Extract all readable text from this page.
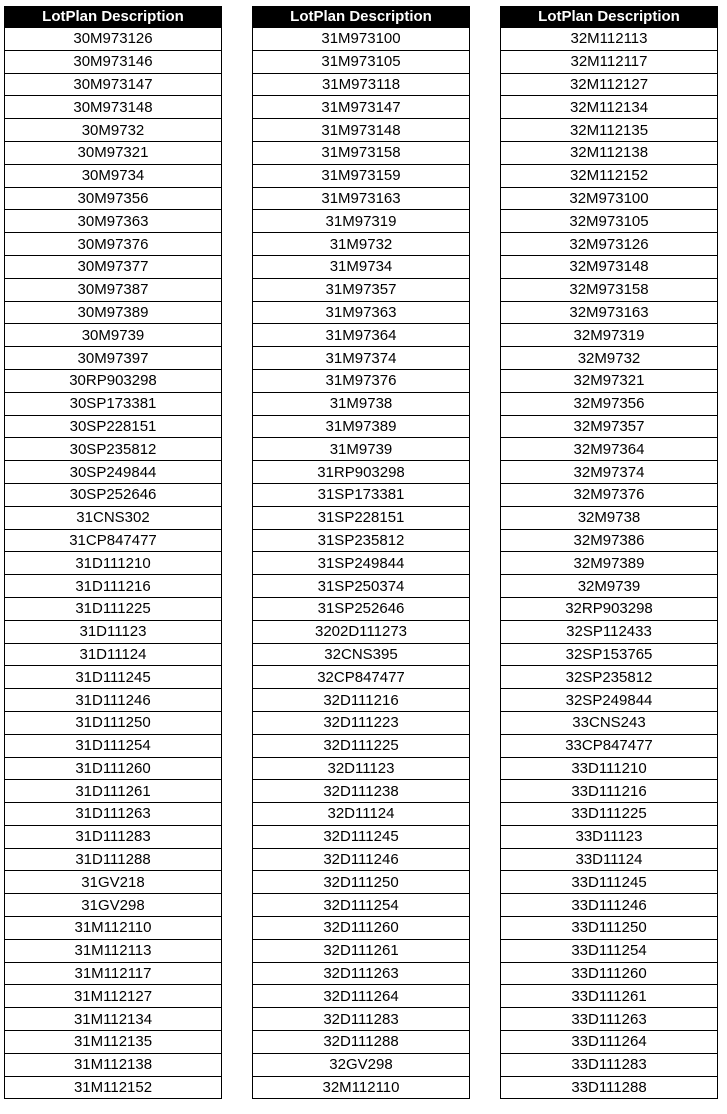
LotPlan Description
30M973126
30M973146
30M973147
30M973148
30M9732
30M97321
30M9734
30M97356
30M97363
30M97376
30M97377
30M97387
30M97389
30M9739
30M97397
30RP903298
30SP173381
30SP228151
30SP235812
30SP249844
30SP252646
31CNS302
31CP847477
31D111210
31D111216
31D111225
31D11123
31D11124
31D111245
31D111246
31D111250
31D111254
31D111260
31D111261
31D111263
31D111283
31D111288
31GV218
31GV298
31M112110
31M112113
31M112117
31M112127
31M112134
31M112135
31M112138
31M112152
LotPlan Description
31M973100
31M973105
31M973118
31M973147
31M973148
31M973158
31M973159
31M973163
31M97319
31M9732
31M9734
31M97357
31M97363
31M97364
31M97374
31M97376
31M9738
31M97389
31M9739
31RP903298
31SP173381
31SP228151
31SP235812
31SP249844
31SP250374
31SP252646
3202D111273
32CNS395
32CP847477
32D111216
32D111223
32D111225
32D11123
32D111238
32D11124
32D111245
32D111246
32D111250
32D111254
32D111260
32D111261
32D111263
32D111264
32D111283
32D111288
32GV298
32M112110
LotPlan Description
32M112113
32M112117
32M112127
32M112134
32M112135
32M112138
32M112152
32M973100
32M973105
32M973126
32M973148
32M973158
32M973163
32M97319
32M9732
32M97321
32M97356
32M97357
32M97364
32M97374
32M97376
32M9738
32M97386
32M97389
32M9739
32RP903298
32SP112433
32SP153765
32SP235812
32SP249844
33CNS243
33CP847477
33D111210
33D111216
33D111225
33D11123
33D11124
33D111245
33D111246
33D111250
33D111254
33D111260
33D111261
33D111263
33D111264
33D111283
33D111288
